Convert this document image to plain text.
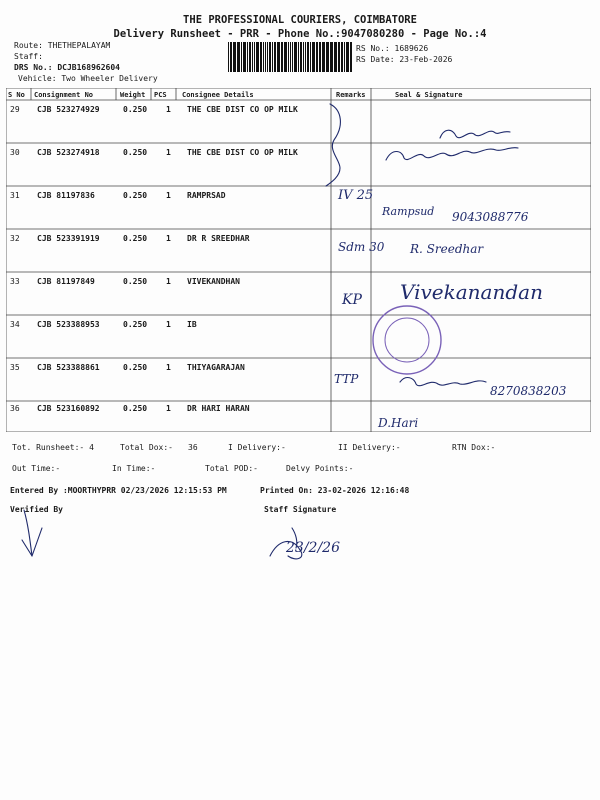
THE PROFESSIONAL COURIERS, COIMBATORE
Delivery Runsheet - PRR - Phone No.:9047080280 - Page No.:4
Route: THETHEPALAYAM
Staff:
DRS No.: DCJB168962604
Vehicle: Two Wheeler Delivery
RS No.: 1689626
RS Date: 23-Feb-2026
S No Consignment No	Weight PCS Consignee Details	Remarks	Seal & Signature
29 CJB 523274929	0.250 1 THE CBE DIST CO OP MILK
30 CJB 523274918	0.250 1 THE CBE DIST CO OP MILK
31 CJB 81197836	0.250 1 RAMPRSAD
32 CJB 523391919	0.250 1 DR R SREEDHAR
33 CJB 81197849	0.250 1 VIVEKANDHAN
34 CJB 523388953	0.250 1 IB
35 CJB 523388861	0.250 1 THIYAGARAJAN
36 CJB 523160892	0.250 1 DR HARI HARAN
Tot. Runsheet:- 4	Total Dox:- 36	I Delivery:-	II Delivery:-	RTN Dox:-
Out Time:-	In Time:-	Total POD:-	Delvy Points:-
Entered By :MOORTHYPRR 02/23/2026 12:15:53 PM	Printed On: 23-02-2026 12:16:48
Verified By	Staff Signature
IV 25
Sdm 30
KP
TTP
Rampsud 9043088776
R. Sreedhar
Vivekanandan
8270838203
D.Hari
23/2/26
